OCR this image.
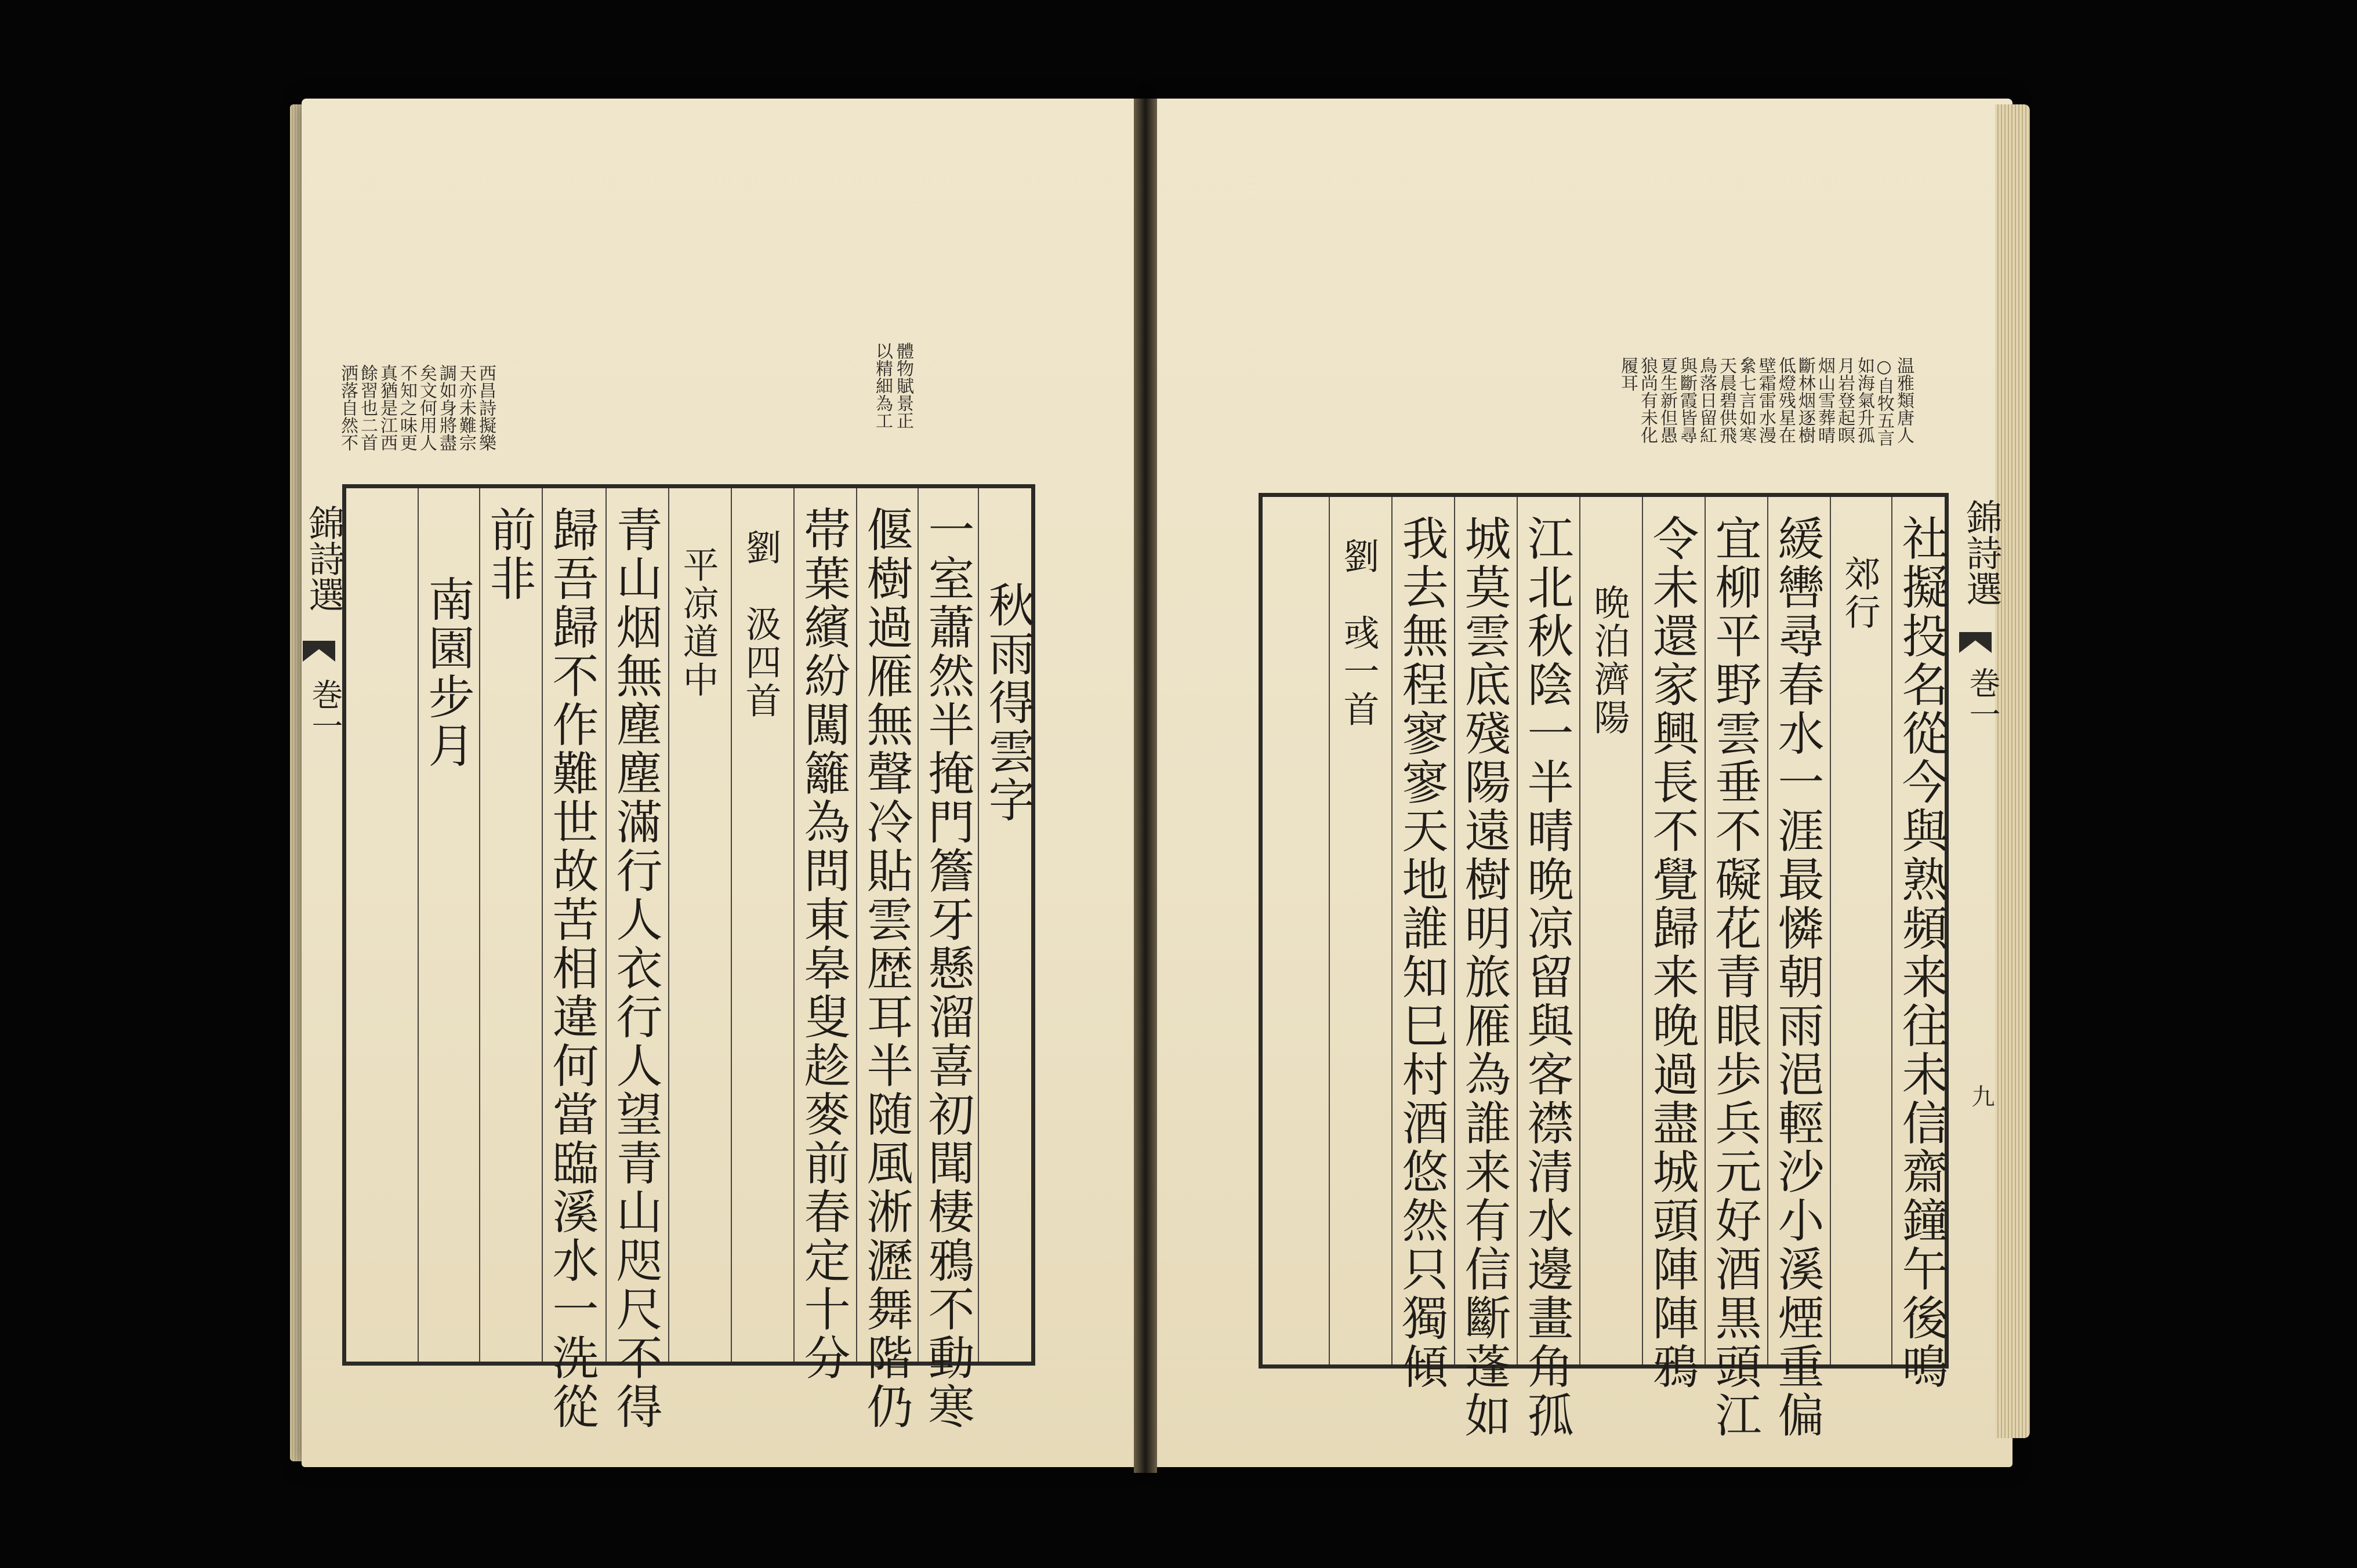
體物賦景正
以精細為工
西昌詩擬樂
天亦未難宗
調如身將盡
矣文何用人
不知之味更
真猶是江西
餘習也二首
洒落自然不
錦詩選
巻一	秋雨得雲字
一室蕭然半掩門簷牙懸溜喜初聞棲鴉不動寒
偃樹過雁無聲冷貼雲歴耳半随風淅瀝舞階仍
帯葉繽紛闖籬為問東皋叟趁麥前春定十分
劉　汲四首
平凉道中
青山烟無塵塵滿行人衣行人望青山咫尺不得
歸吾歸不作難世故苦相違何當臨溪水一洗從
前非
南園步月
温雅類唐人
○自牧五言
如海氣升孤
月岩登起暝
烟山雪葬晴
斷林烟逐樹
低燈残星在
壁霜雷水漫
絫七言如寒
天晨碧供飛
鳥落日留紅
與斷霞皆尋
夏生新但愚
狼尚有未化
履耳
錦詩選
巻一
九
社擬投名從今與熟頻来往未信齋鐘午後鳴
郊行
緩轡尋春水一涯最憐朝雨浥輕沙小溪煙重偏
宜柳平野雲垂不礙花青眼歩兵元好酒黒頭江
令未還家興長不覺歸来晚過盡城頭陣陣鴉
晩泊濟陽
江北秋陰一半晴晩凉留與客襟清水邊畫角孤
城莫雲底殘陽遠樹明旅雁為誰来有信斷蓬如
我去無程寥寥天地誰知巳村酒悠然只獨傾
劉　彧一首
